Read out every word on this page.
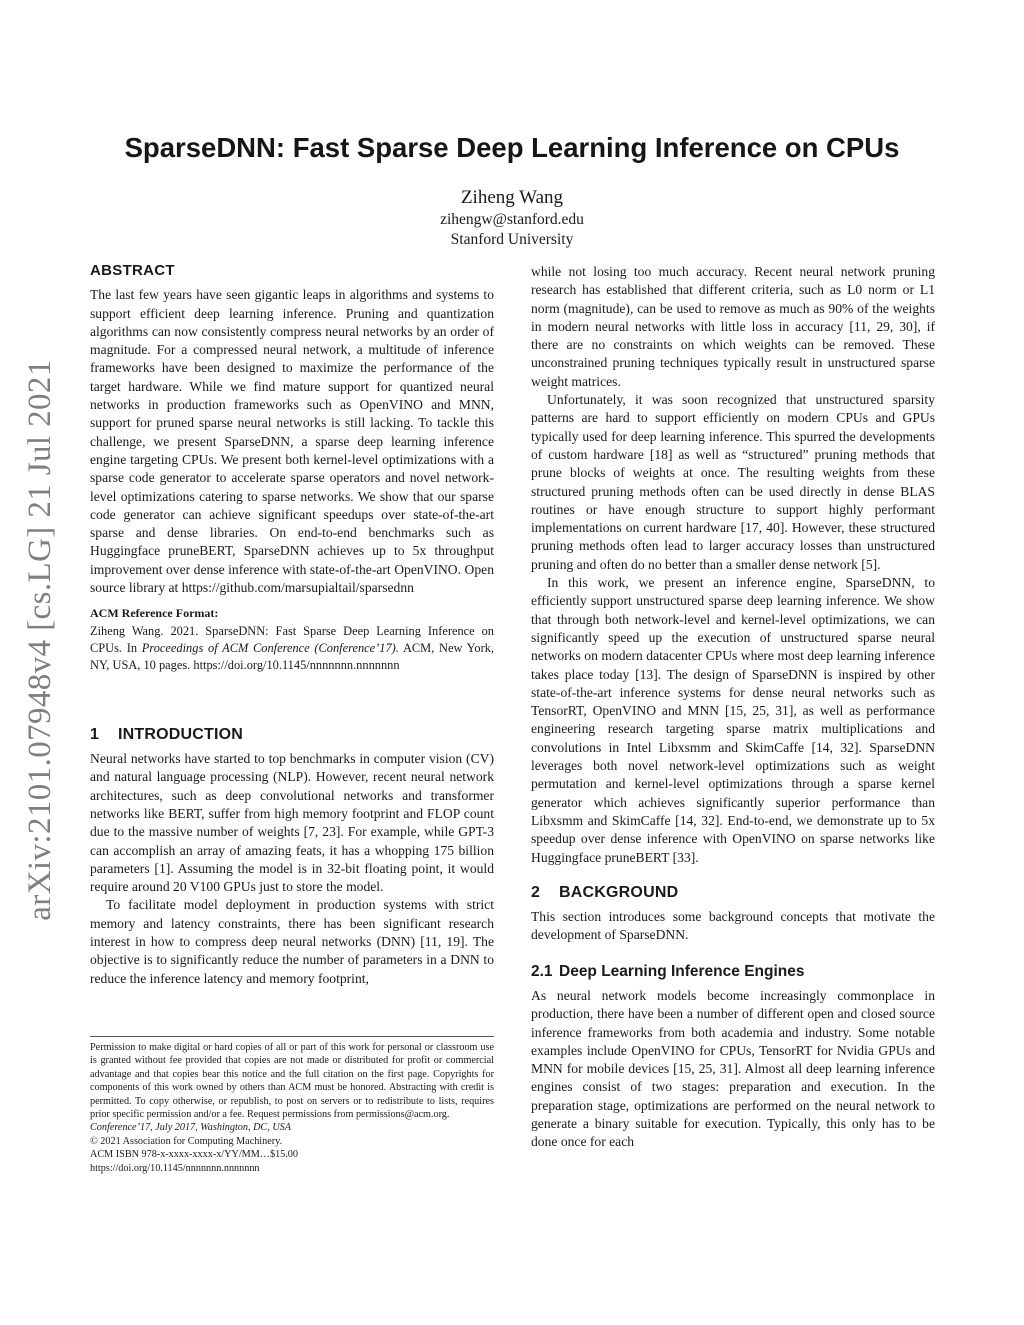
arXiv:2101.07948v4 [cs.LG] 21 Jul 2021
SparseDNN: Fast Sparse Deep Learning Inference on CPUs
Ziheng Wang
zihengw@stanford.edu
Stanford University
ABSTRACT

The last few years have seen gigantic leaps in algorithms and systems to support efficient deep learning inference. Pruning and quantization algorithms can now consistently compress neural networks by an order of magnitude. For a compressed neural network, a multitude of inference frameworks have been designed to maximize the performance of the target hardware. While we find mature support for quantized neural networks in production frameworks such as OpenVINO and MNN, support for pruned sparse neural networks is still lacking. To tackle this challenge, we present SparseDNN, a sparse deep learning inference engine targeting CPUs. We present both kernel-level optimizations with a sparse code generator to accelerate sparse operators and novel network-level optimizations catering to sparse networks. We show that our sparse code generator can achieve significant speedups over state-of-the-art sparse and dense libraries. On end-to-end benchmarks such as Huggingface pruneBERT, SparseDNN achieves up to 5x throughput improvement over dense inference with state-of-the-art OpenVINO. Open source library at https://github.com/marsupialtail/sparsednn

ACM Reference Format:

Ziheng Wang. 2021. SparseDNN: Fast Sparse Deep Learning Inference on CPUs. In Proceedings of ACM Conference (Conference’17). ACM, New York, NY, USA, 10 pages. https://doi.org/10.1145/nnnnnnn.nnnnnnn

1 INTRODUCTION

Neural networks have started to top benchmarks in computer vision (CV) and natural language processing (NLP). However, recent neural network architectures, such as deep convolutional networks and transformer networks like BERT, suffer from high memory footprint and FLOP count due to the massive number of weights [7, 23]. For example, while GPT-3 can accomplish an array of amazing feats, it has a whopping 175 billion parameters [1]. Assuming the model is in 32-bit floating point, it would require around 20 V100 GPUs just to store the model.

To facilitate model deployment in production systems with strict memory and latency constraints, there has been significant research interest in how to compress deep neural networks (DNN) [11, 19]. The objective is to significantly reduce the number of parameters in a DNN to reduce the inference latency and memory footprint,

Permission to make digital or hard copies of all or part of this work for personal or classroom use is granted without fee provided that copies are not made or distributed for profit or commercial advantage and that copies bear this notice and the full citation on the first page. Copyrights for components of this work owned by others than ACM must be honored. Abstracting with credit is permitted. To copy otherwise, or republish, to post on servers or to redistribute to lists, requires prior specific permission and/or a fee. Request permissions from permissions@acm.org.

Conference’17, July 2017, Washington, DC, USA

© 2021 Association for Computing Machinery.

ACM ISBN 978-x-xxxx-xxxx-x/YY/MM…$15.00

https://doi.org/10.1145/nnnnnnn.nnnnnnn

while not losing too much accuracy. Recent neural network pruning research has established that different criteria, such as L0 norm or L1 norm (magnitude), can be used to remove as much as 90% of the weights in modern neural networks with little loss in accuracy [11, 29, 30], if there are no constraints on which weights can be removed. These unconstrained pruning techniques typically result in unstructured sparse weight matrices.

Unfortunately, it was soon recognized that unstructured sparsity patterns are hard to support efficiently on modern CPUs and GPUs typically used for deep learning inference. This spurred the developments of custom hardware [18] as well as “structured” pruning methods that prune blocks of weights at once. The resulting weights from these structured pruning methods often can be used directly in dense BLAS routines or have enough structure to support highly performant implementations on current hardware [17, 40]. However, these structured pruning methods often lead to larger accuracy losses than unstructured pruning and often do no better than a smaller dense network [5].

In this work, we present an inference engine, SparseDNN, to efficiently support unstructured sparse deep learning inference. We show that through both network-level and kernel-level optimizations, we can significantly speed up the execution of unstructured sparse neural networks on modern datacenter CPUs where most deep learning inference takes place today [13]. The design of SparseDNN is inspired by other state-of-the-art inference systems for dense neural networks such as TensorRT, OpenVINO and MNN [15, 25, 31], as well as performance engineering research targeting sparse matrix multiplications and convolutions in Intel Libxsmm and SkimCaffe [14, 32]. SparseDNN leverages both novel network-level optimizations such as weight permutation and kernel-level optimizations through a sparse kernel generator which achieves significantly superior performance than Libxsmm and SkimCaffe [14, 32]. End-to-end, we demonstrate up to 5x speedup over dense inference with OpenVINO on sparse networks like Huggingface pruneBERT [33].

2 BACKGROUND

This section introduces some background concepts that motivate the development of SparseDNN.

2.1 Deep Learning Inference Engines

As neural network models become increasingly commonplace in production, there have been a number of different open and closed source inference frameworks from both academia and industry. Some notable examples include OpenVINO for CPUs, TensorRT for Nvidia GPUs and MNN for mobile devices [15, 25, 31]. Almost all deep learning inference engines consist of two stages: preparation and execution. In the preparation stage, optimizations are performed on the neural network to generate a binary suitable for execution. Typically, this only has to be done once for each
